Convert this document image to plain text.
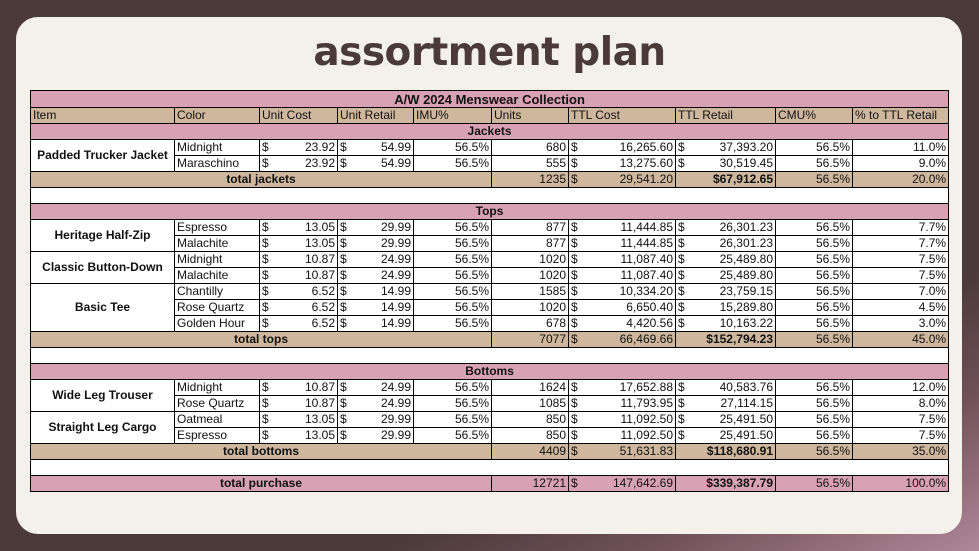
assortment plan
A/W 2024 Menswear Collection									
Item	Color	Unit Cost	Unit Retail	IMU%	Units	TTL Cost	TTL Retail	CMU%	% to TTL Retail
Jackets									
Padded Trucker Jacket	Midnight	$ 23.92	$ 54.99	56.5%	680	$ 16,265.60	$ 37,393.20	56.5%	11.0%
	Maraschino	$ 23.92	$ 54.99	56.5%	555	$ 13,275.60	$ 30,519.45	56.5%	9.0%
total jackets					1235	$ 29,541.20	$67,912.65	56.5%	20.0%

Tops									
Heritage Half-Zip	Espresso	$ 13.05	$ 29.99	56.5%	877	$ 11,444.85	$ 26,301.23	56.5%	7.7%
	Malachite	$ 13.05	$ 29.99	56.5%	877	$ 11,444.85	$ 26,301.23	56.5%	7.7%
Classic Button-Down	Midnight	$ 10.87	$ 24.99	56.5%	1020	$ 11,087.40	$ 25,489.80	56.5%	7.5%
	Malachite	$ 10.87	$ 24.99	56.5%	1020	$ 11,087.40	$ 25,489.80	56.5%	7.5%
Basic Tee	Chantilly	$ 6.52	$ 14.99	56.5%	1585	$ 10,334.20	$ 23,759.15	56.5%	7.0%
	Rose Quartz	$ 6.52	$ 14.99	56.5%	1020	$ 6,650.40	$ 15,289.80	56.5%	4.5%
	Golden Hour	$ 6.52	$ 14.99	56.5%	678	$ 4,420.56	$ 10,163.22	56.5%	3.0%
total tops					7077	$ 66,469.66	$152,794.23	56.5%	45.0%

Bottoms									
Wide Leg Trouser	Midnight	$ 10.87	$ 24.99	56.5%	1624	$ 17,652.88	$ 40,583.76	56.5%	12.0%
	Rose Quartz	$ 10.87	$ 24.99	56.5%	1085	$ 11,793.95	$ 27,114.15	56.5%	8.0%
Straight Leg Cargo	Oatmeal	$ 13.05	$ 29.99	56.5%	850	$ 11,092.50	$ 25,491.50	56.5%	7.5%
	Espresso	$ 13.05	$ 29.99	56.5%	850	$ 11,092.50	$ 25,491.50	56.5%	7.5%
total bottoms					4409	$ 51,631.83	$118,680.91	56.5%	35.0%

total purchase					12721	$ 147,642.69	$339,387.79	56.5%	100.0%
